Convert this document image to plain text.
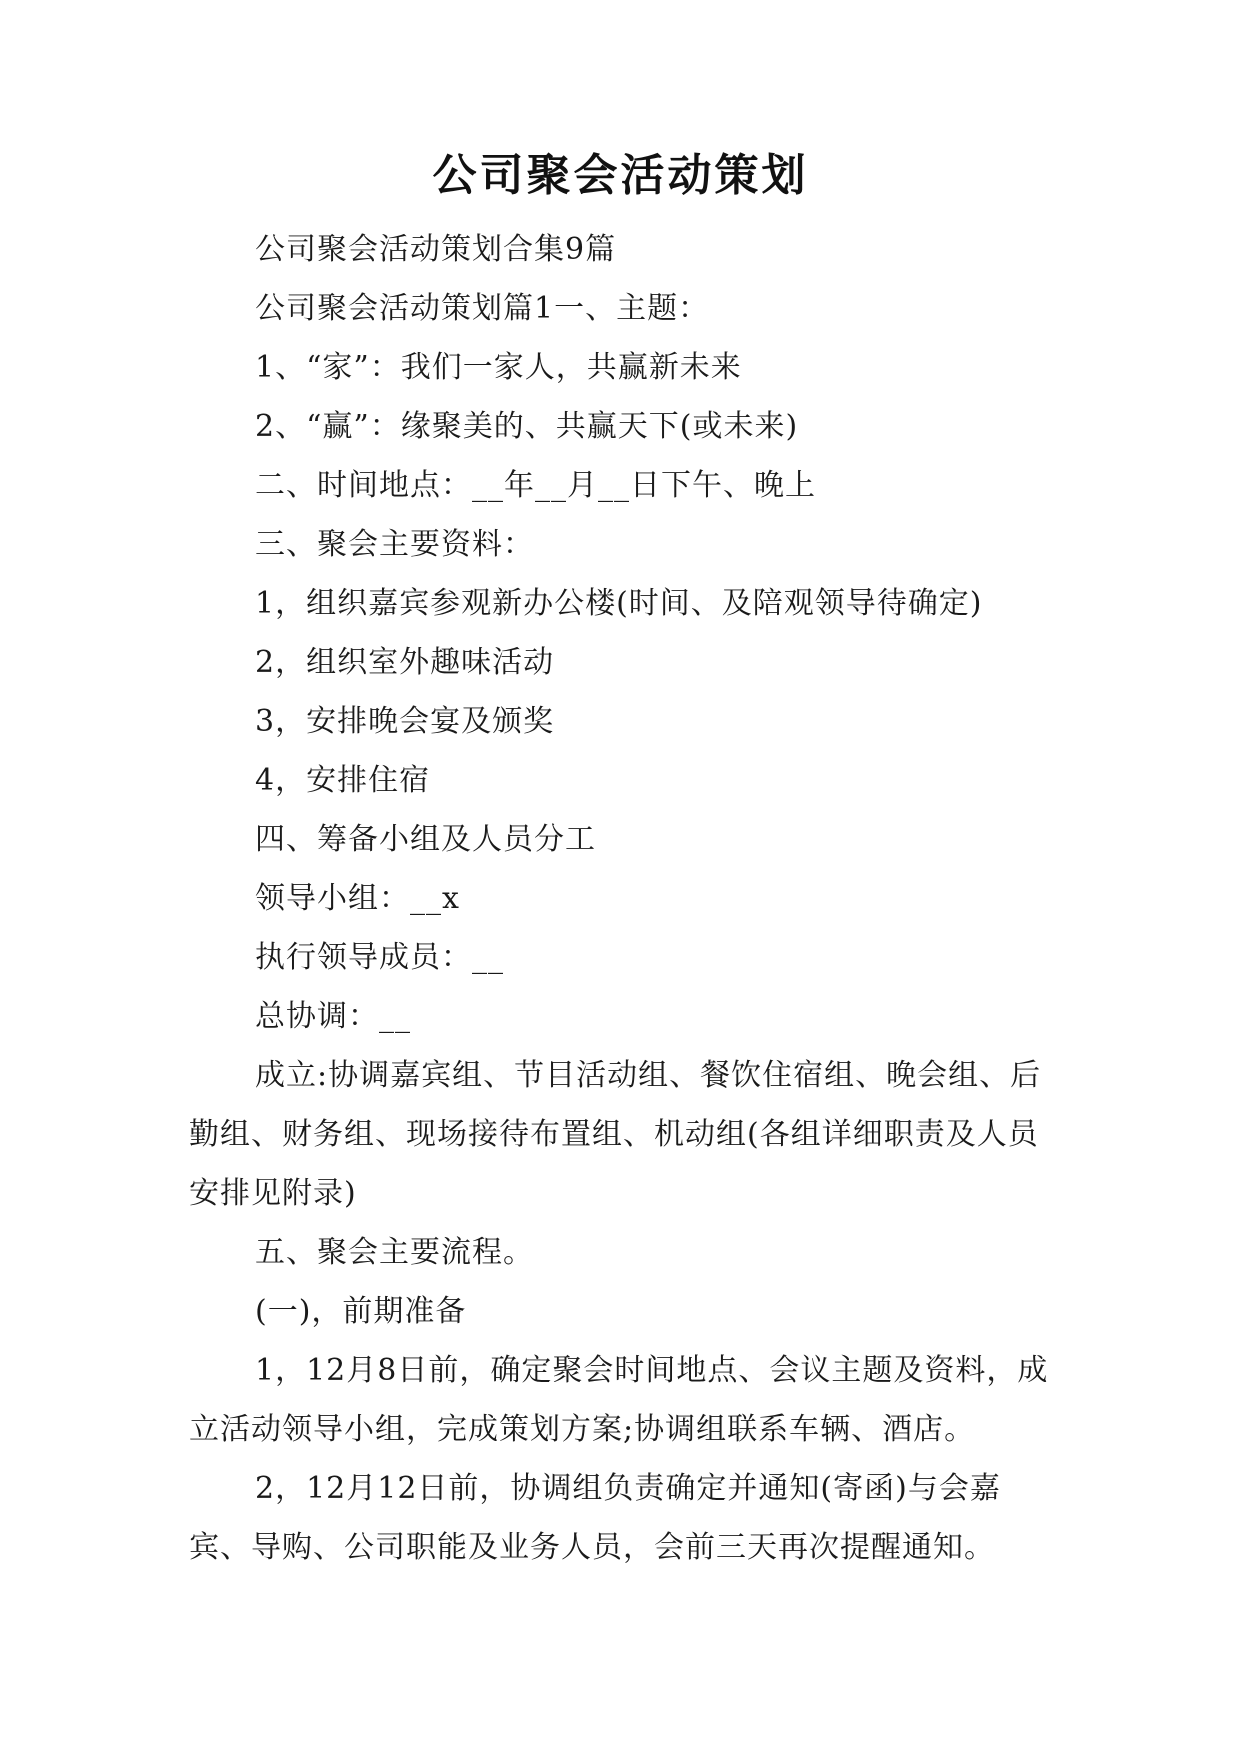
公司聚会活动策划

公司聚会活动策划合集9篇

公司聚会活动策划篇1一、主题：

1、“家”：我们一家人，共赢新未来

2、“赢”：缘聚美的、共赢天下(或未来)

二、时间地点：__年__月__日下午、晚上

三、聚会主要资料：

1，组织嘉宾参观新办公楼(时间、及陪观领导待确定)

2，组织室外趣味活动

3，安排晚会宴及颁奖

4，安排住宿

四、筹备小组及人员分工

领导小组：__x

执行领导成员：__

总协调：__

成立:协调嘉宾组、节目活动组、餐饮住宿组、晚会组、后勤组、财务组、现场接待布置组、机动组(各组详细职责及人员安排见附录)

五、聚会主要流程。

(一)，前期准备

1，12月8日前，确定聚会时间地点、会议主题及资料，成立活动领导小组，完成策划方案;协调组联系车辆、酒店。

2，12月12日前，协调组负责确定并通知(寄函)与会嘉宾、导购、公司职能及业务人员，会前三天再次提醒通知。
